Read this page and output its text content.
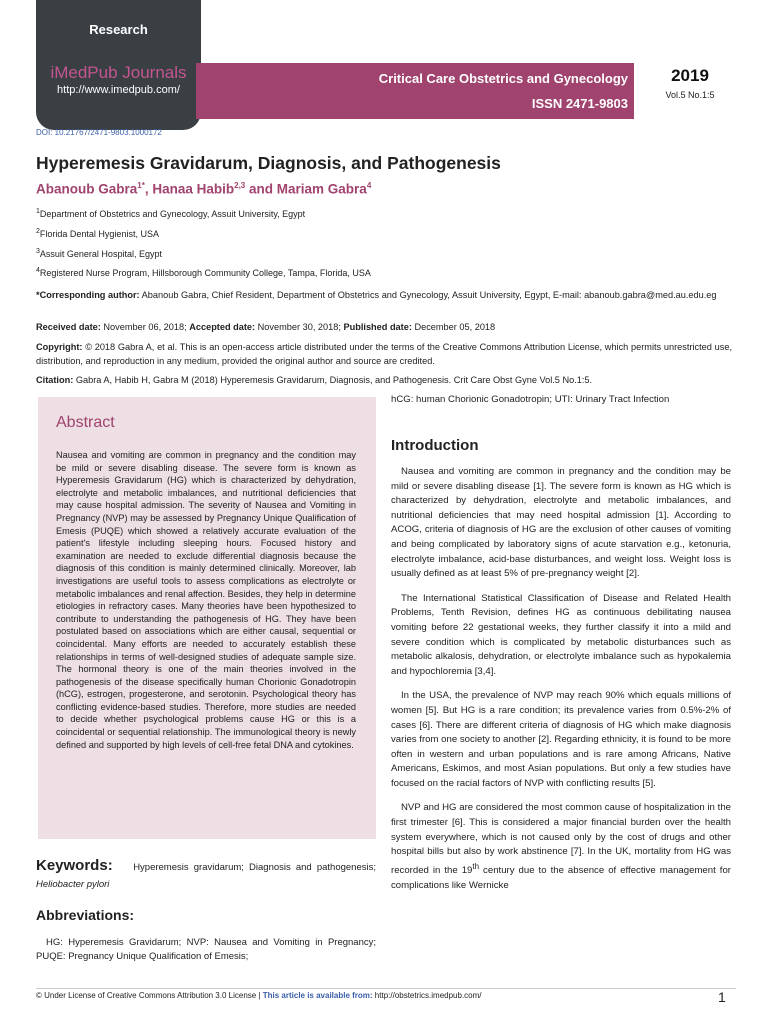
Research
iMedPub Journals
http://www.imedpub.com/
DOI: 10.21767/2471-9803.1000172
Critical Care Obstetrics and Gynecology
ISSN 2471-9803
2019
Vol.5 No.1:5
Hyperemesis Gravidarum, Diagnosis, and Pathogenesis
Abanoub Gabra$^{1*}$, Hanaa Habib$^{2,3}$ and Mariam Gabra$^4$
$^1$Department of Obstetrics and Gynecology, Assuit University, Egypt
$^2$Florida Dental Hygienist, USA
$^3$Assuit General Hospital, Egypt
$^4$Registered Nurse Program, Hillsborough Community College, Tampa, Florida, USA
*Corresponding author: Abanoub Gabra, Chief Resident, Department of Obstetrics and Gynecology, Assuit University, Egypt, E-mail: abanoub.gabra@med.au.edu.eg
Received date: November 06, 2018; Accepted date: November 30, 2018; Published date: December 05, 2018
Copyright: © 2018 Gabra A, et al. This is an open-access article distributed under the terms of the Creative Commons Attribution License, which permits unrestricted use, distribution, and reproduction in any medium, provided the original author and source are credited.
Citation: Gabra A, Habib H, Gabra M (2018) Hyperemesis Gravidarum, Diagnosis, and Pathogenesis. Crit Care Obst Gyne Vol.5 No.1:5.
Abstract
Nausea and vomiting are common in pregnancy and the condition may be mild or severe disabling disease. The severe form is known as Hyperemesis Gravidarum (HG) which is characterized by dehydration, electrolyte and metabolic imbalances, and nutritional deficiencies that may cause hospital admission. The severity of Nausea and Vomiting in Pregnancy (NVP) may be assessed by Pregnancy Unique Qualification of Emesis (PUQE) which showed a relatively accurate evaluation of the patient's lifestyle including sleeping hours. Focused history and examination are needed to exclude differential diagnosis because the diagnosis of this condition is mainly determined clinically. Moreover, lab investigations are useful tools to assess complications as electrolyte or metabolic imbalances and renal affection. Besides, they help in determine etiologies in refractory cases. Many theories have been hypothesized to contribute to understanding the pathogenesis of HG. They have been postulated based on associations which are either causal, sequential or coincidental. Many efforts are needed to accurately establish these relationships in terms of well-designed studies of adequate sample size. The hormonal theory is one of the main theories involved in the pathogenesis of the disease specifically human Chorionic Gonadotropin (hCG), estrogen, progesterone, and serotonin. Psychological theory has conflicting evidence-based studies. Therefore, more studies are needed to decide whether psychological problems cause HG or this is a coincidental or sequential relationship. The immunological theory is newly defined and supported by high levels of cell-free fetal DNA and cytokines.
Keywords: Hyperemesis gravidarum; Diagnosis and pathogenesis; Heliobacter pylori
Abbreviations:
HG: Hyperemesis Gravidarum; NVP: Nausea and Vomiting in Pregnancy; PUQE: Pregnancy Unique Qualification of Emesis;
hCG: human Chorionic Gonadotropin; UTI: Urinary Tract Infection
Introduction

Nausea and vomiting are common in pregnancy and the condition may be mild or severe disabling disease [1]. The severe form is known as HG which is characterized by dehydration, electrolyte and metabolic imbalances, and nutritional deficiencies that may need hospital admission [1]. According to ACOG, criteria of diagnosis of HG are the exclusion of other causes of vomiting and being complicated by laboratory signs of acute starvation e.g., ketonuria, electrolyte imbalance, acid-base disturbances, and weight loss. Weight loss is usually defined as at least 5% of pre-pregnancy weight [2].

The International Statistical Classification of Disease and Related Health Problems, Tenth Revision, defines HG as continuous debilitating nausea vomiting before 22 gestational weeks, they further classify it into a mild and severe condition which is complicated by metabolic disturbances such as metabolic alkalosis, dehydration, or electrolyte imbalance such as hypokalemia and hypochloremia [3,4].

In the USA, the prevalence of NVP may reach 90% which equals millions of women [5]. But HG is a rare condition; its prevalence varies from 0.5%-2% of cases [6]. There are different criteria of diagnosis of HG which make diagnosis varies from one society to another [2]. Regarding ethnicity, it is found to be more often in western and urban populations and is rare among Africans, Native Americans, Eskimos, and most Asian populations. But only a few studies have focused on the racial factors of NVP with conflicting results [5].

NVP and HG are considered the most common cause of hospitalization in the first trimester [6]. This is considered a major financial burden over the health system everywhere, which is not caused only by the cost of drugs and other hospital bills but also by work abstinence [7]. In the UK, mortality from HG was recorded in the 19th century due to the absence of effective management for complications like Wernicke

© Under License of Creative Commons Attribution 3.0 License | This article is available from: http://obstetrics.imedpub.com/	1
